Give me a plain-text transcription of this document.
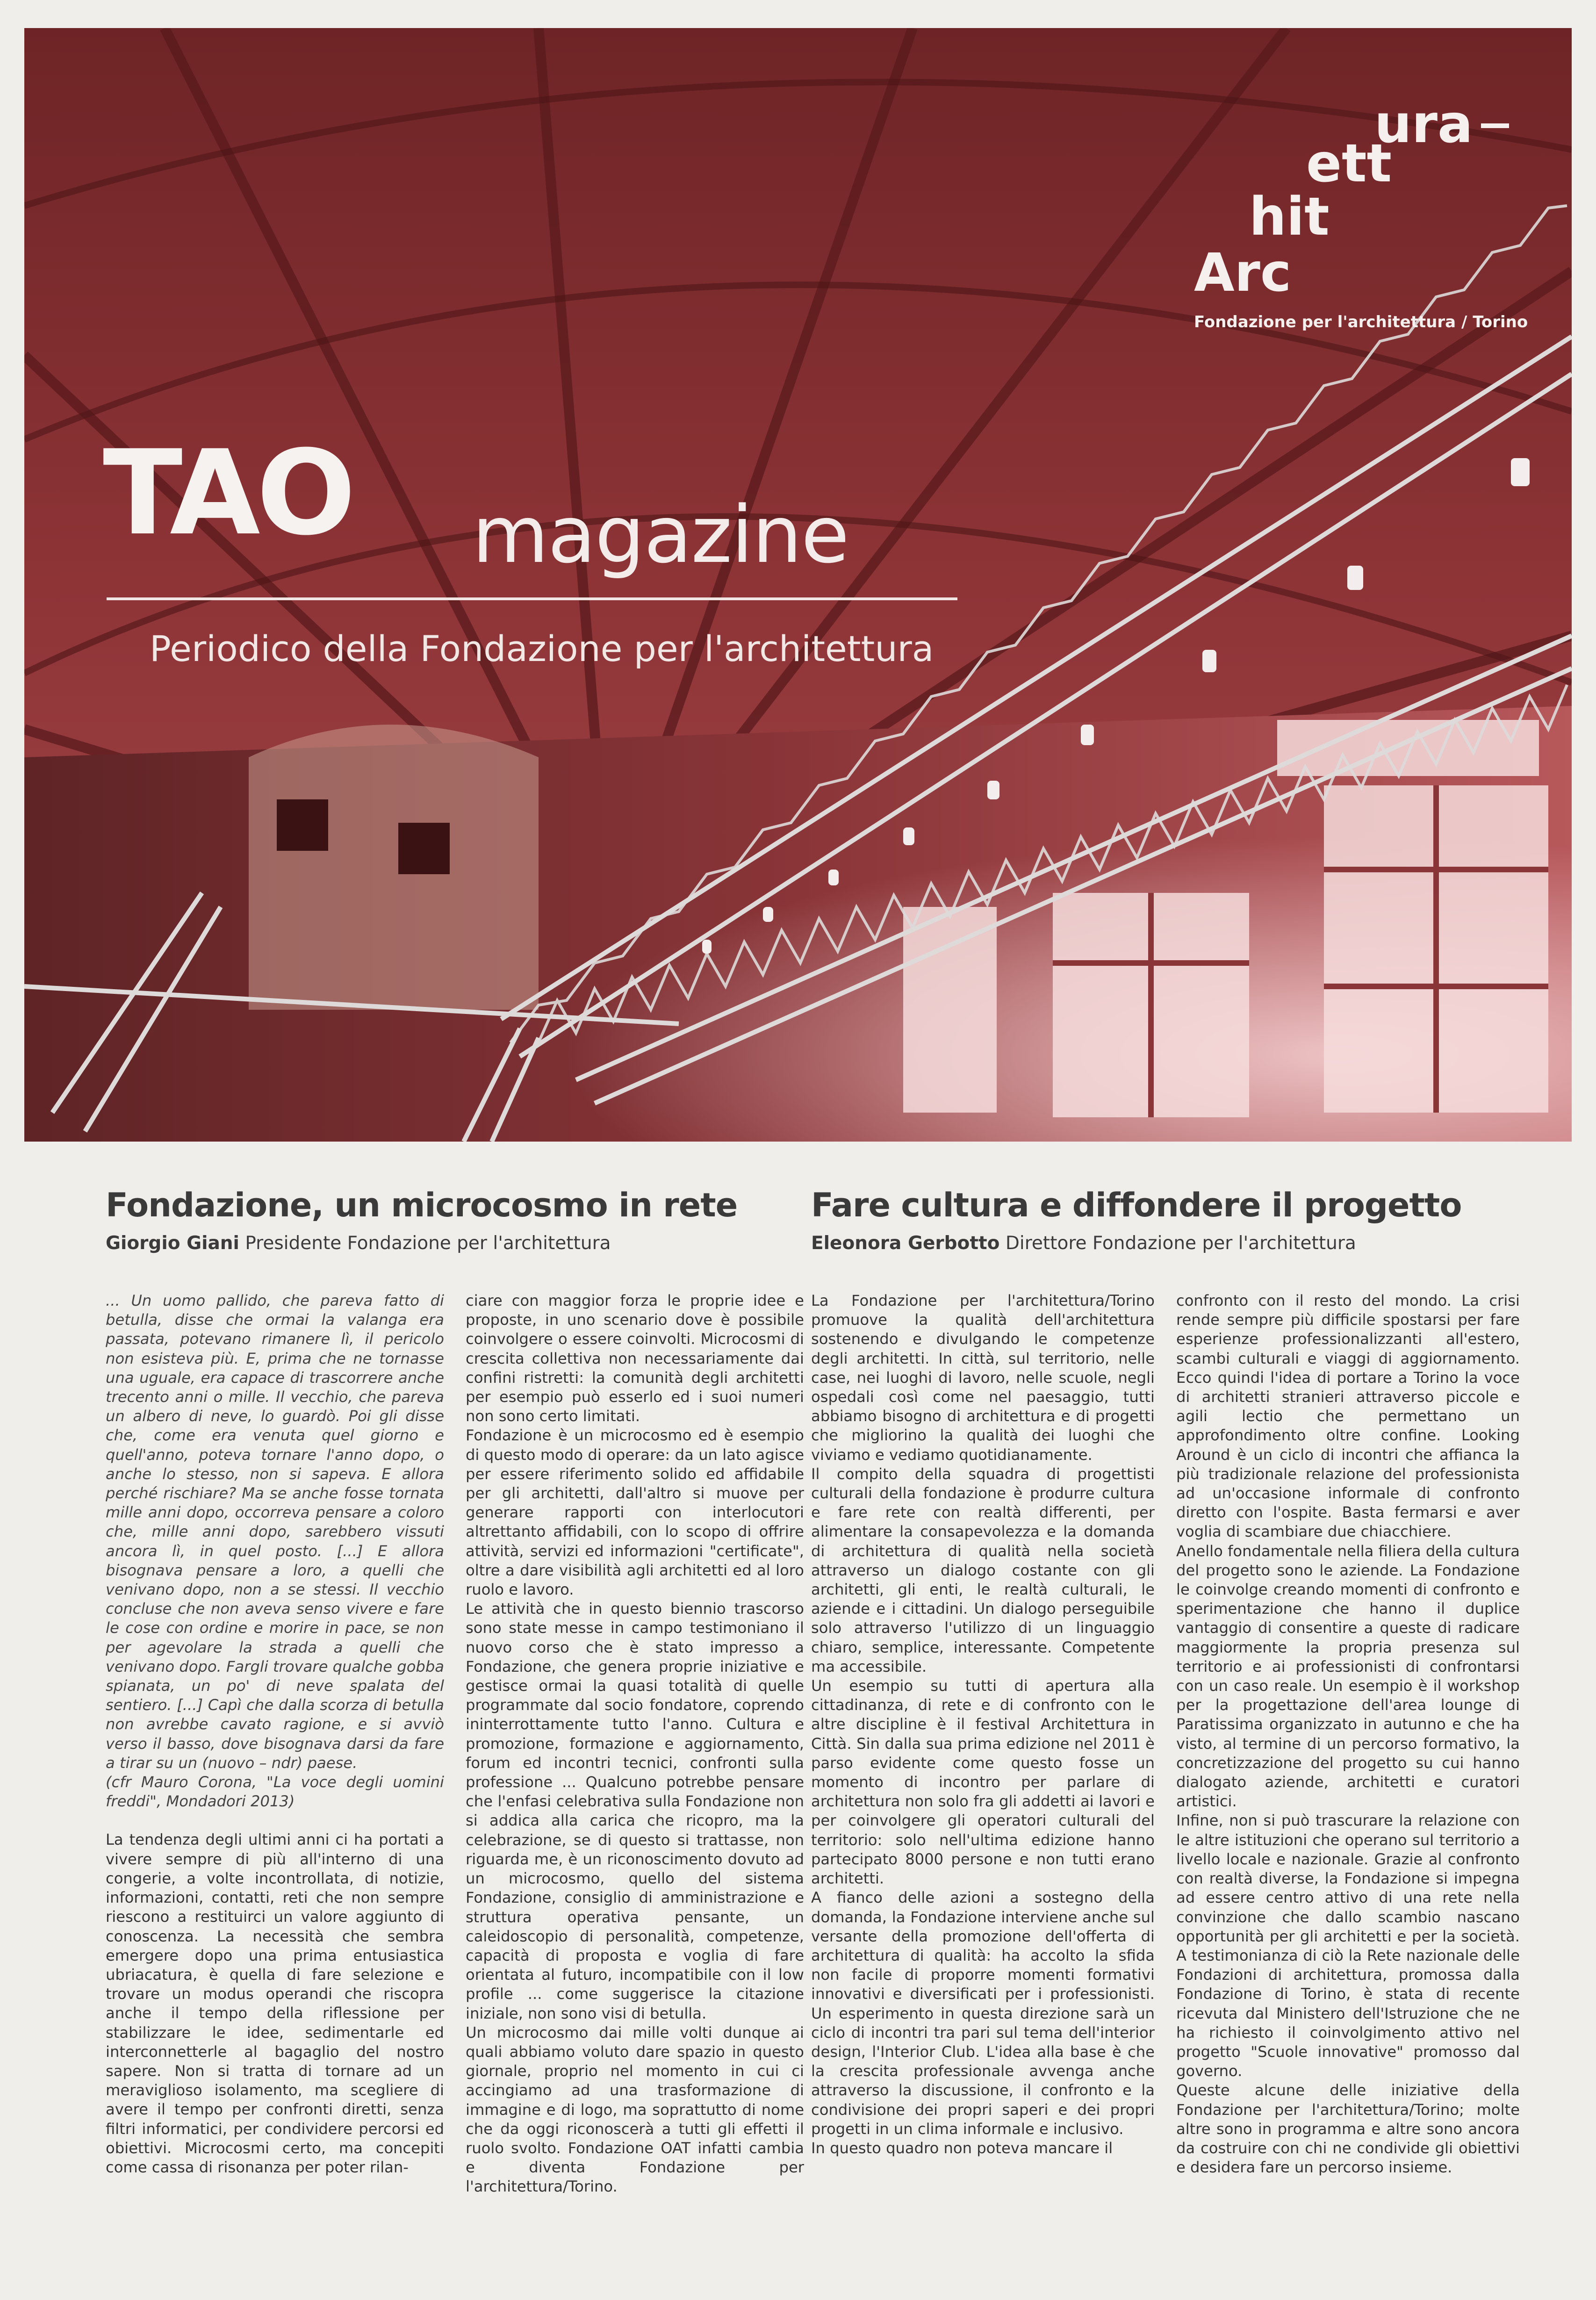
TAO magazine
Periodico della Fondazione per l'architettura
ura
ett
hit
Arc
Fondazione per l'architettura / Torino
Fondazione, un microcosmo in rete
Giorgio Giani Presidente Fondazione per l'architettura

... Un uomo pallido, che pareva fatto di betulla, disse che ormai la valanga era passata, potevano rimanere lì, il pericolo non esisteva più. E, prima che ne tornasse una uguale, era capace di trascorrere anche trecento anni o mille. Il vecchio, che pareva un albero di neve, lo guardò. Poi gli disse che, come era venuta quel giorno e quell'anno, poteva tornare l'anno dopo, o anche lo stesso, non si sapeva. E allora perché rischiare? Ma se anche fosse tornata mille anni dopo, occorreva pensare a coloro che, mille anni dopo, sarebbero vissuti ancora lì, in quel posto. [...] E allora bisognava pensare a loro, a quelli che venivano dopo, non a se stessi. Il vecchio concluse che non aveva senso vivere e fare le cose con ordine e morire in pace, se non per agevolare la strada a quelli che venivano dopo. Fargli trovare qualche gobba spianata, un po' di neve spalata del sentiero. [...] Capì che dalla scorza di betulla non avrebbe cavato ragione, e si avviò verso il basso, dove bisognava darsi da fare a tirar su un (nuovo – ndr) paese.

(cfr Mauro Corona, "La voce degli uomini freddi", Mondadori 2013)

La tendenza degli ultimi anni ci ha portati a vivere sempre di più all'interno di una congerie, a volte incontrollata, di notizie, informazioni, contatti, reti che non sempre riescono a restituirci un valore aggiunto di conoscenza. La necessità che sembra emergere dopo una prima entusiastica ubriacatura, è quella di fare selezione e trovare un modus operandi che riscopra anche il tempo della riflessione per stabilizzare le idee, sedimentarle ed interconnetterle al bagaglio del nostro sapere. Non si tratta di tornare ad un meraviglioso isolamento, ma scegliere di avere il tempo per confronti diretti, senza filtri informatici, per condividere percorsi ed obiettivi. Microcosmi certo, ma concepiti come cassa di risonanza per poter rilan-

ciare con maggior forza le proprie idee e proposte, in uno scenario dove è possibile coinvolgere o essere coinvolti. Microcosmi di crescita collettiva non necessariamente dai confini ristretti: la comunità degli architetti per esempio può esserlo ed i suoi numeri non sono certo limitati.

Fondazione è un microcosmo ed è esempio di questo modo di operare: da un lato agisce per essere riferimento solido ed affidabile per gli architetti, dall'altro si muove per generare rapporti con interlocutori altrettanto affidabili, con lo scopo di offrire attività, servizi ed informazioni "certificate", oltre a dare visibilità agli architetti ed al loro ruolo e lavoro.

Le attività che in questo biennio trascorso sono state messe in campo testimoniano il nuovo corso che è stato impresso a Fondazione, che genera proprie iniziative e gestisce ormai la quasi totalità di quelle programmate dal socio fondatore, coprendo ininterrottamente tutto l'anno. Cultura e promozione, formazione e aggiornamento, forum ed incontri tecnici, confronti sulla professione ... Qualcuno potrebbe pensare che l'enfasi celebrativa sulla Fondazione non si addica alla carica che ricopro, ma la celebrazione, se di questo si trattasse, non riguarda me, è un riconoscimento dovuto ad un microcosmo, quello del sistema Fondazione, consiglio di amministrazione e struttura operativa pensante, un caleidoscopio di personalità, competenze, capacità di proposta e voglia di fare orientata al futuro, incompatibile con il low profile ... come suggerisce la citazione iniziale, non sono visi di betulla.

Un microcosmo dai mille volti dunque ai quali abbiamo voluto dare spazio in questo giornale, proprio nel momento in cui ci accingiamo ad una trasformazione di immagine e di logo, ma soprattutto di nome che da oggi riconoscerà a tutti gli effetti il ruolo svolto. Fondazione OAT infatti cambia e diventa Fondazione per l'architettura/Torino.

Fare cultura e diffondere il progetto
Eleonora Gerbotto Direttore Fondazione per l'architettura

La Fondazione per l'architettura/Torino promuove la qualità dell'architettura sostenendo e divulgando le competenze degli architetti. In città, sul territorio, nelle case, nei luoghi di lavoro, nelle scuole, negli ospedali così come nel paesaggio, tutti abbiamo bisogno di architettura e di progetti che migliorino la qualità dei luoghi che viviamo e vediamo quotidianamente.

Il compito della squadra di progettisti culturali della fondazione è produrre cultura e fare rete con realtà differenti, per alimentare la consapevolezza e la domanda di architettura di qualità nella società attraverso un dialogo costante con gli architetti, gli enti, le realtà culturali, le aziende e i cittadini. Un dialogo perseguibile solo attraverso l'utilizzo di un linguaggio chiaro, semplice, interessante. Competente ma accessibile.

Un esempio su tutti di apertura alla cittadinanza, di rete e di confronto con le altre discipline è il festival Architettura in Città. Sin dalla sua prima edizione nel 2011 è parso evidente come questo fosse un momento di incontro per parlare di architettura non solo fra gli addetti ai lavori e per coinvolgere gli operatori culturali del territorio: solo nell'ultima edizione hanno partecipato 8000 persone e non tutti erano architetti.

A fianco delle azioni a sostegno della domanda, la Fondazione interviene anche sul versante della promozione dell'offerta di architettura di qualità: ha accolto la sfida non facile di proporre momenti formativi innovativi e diversificati per i professionisti. Un esperimento in questa direzione sarà un ciclo di incontri tra pari sul tema dell'interior design, l'Interior Club. L'idea alla base è che la crescita professionale avvenga anche attraverso la discussione, il confronto e la condivisione dei propri saperi e dei propri progetti in un clima informale e inclusivo.

In questo quadro non poteva mancare il

confronto con il resto del mondo. La crisi rende sempre più difficile spostarsi per fare esperienze professionalizzanti all'estero, scambi culturali e viaggi di aggiornamento. Ecco quindi l'idea di portare a Torino la voce di architetti stranieri attraverso piccole e agili lectio che permettano un approfondimento oltre confine. Looking Around è un ciclo di incontri che affianca la più tradizionale relazione del professionista ad un'occasione informale di confronto diretto con l'ospite. Basta fermarsi e aver voglia di scambiare due chiacchiere.

Anello fondamentale nella filiera della cultura del progetto sono le aziende. La Fondazione le coinvolge creando momenti di confronto e sperimentazione che hanno il duplice vantaggio di consentire a queste di radicare maggiormente la propria presenza sul territorio e ai professionisti di confrontarsi con un caso reale. Un esempio è il workshop per la progettazione dell'area lounge di Paratissima organizzato in autunno e che ha visto, al termine di un percorso formativo, la concretizzazione del progetto su cui hanno dialogato aziende, architetti e curatori artistici.

Infine, non si può trascurare la relazione con le altre istituzioni che operano sul territorio a livello locale e nazionale. Grazie al confronto con realtà diverse, la Fondazione si impegna ad essere centro attivo di una rete nella convinzione che dallo scambio nascano opportunità per gli architetti e per la società. A testimonianza di ciò la Rete nazionale delle Fondazioni di architettura, promossa dalla Fondazione di Torino, è stata di recente ricevuta dal Ministero dell'Istruzione che ne ha richiesto il coinvolgimento attivo nel progetto "Scuole innovative" promosso dal governo.

Queste alcune delle iniziative della Fondazione per l'architettura/Torino; molte altre sono in programma e altre sono ancora da costruire con chi ne condivide gli obiettivi e desidera fare un percorso insieme.
